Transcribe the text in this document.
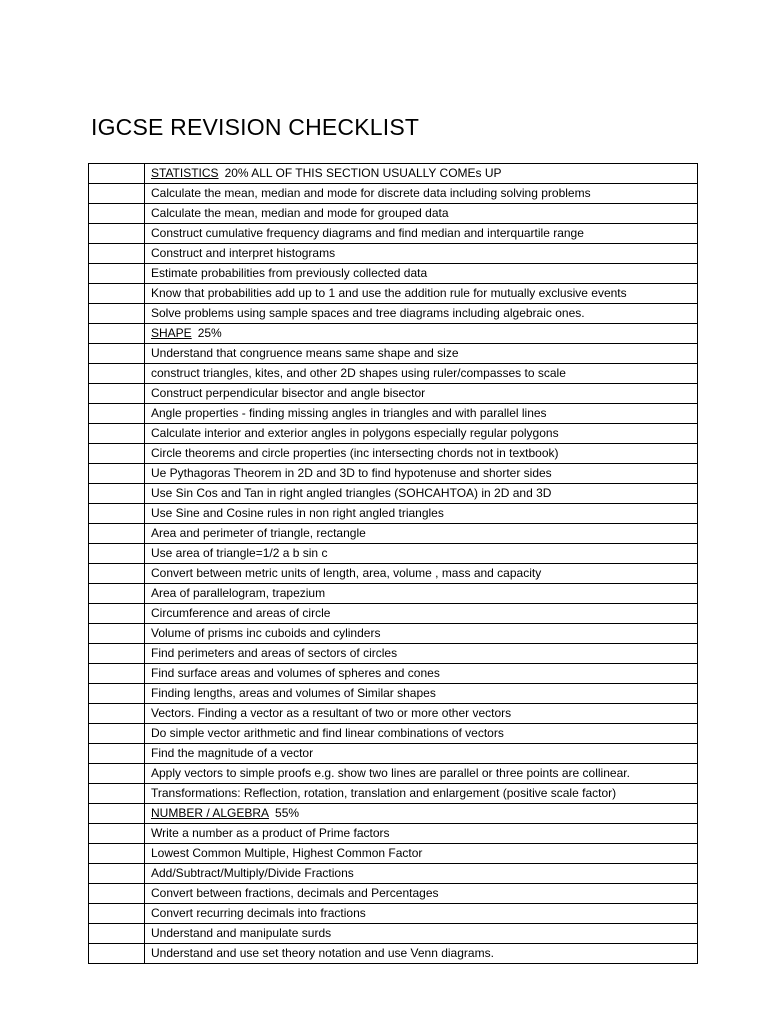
IGCSE REVISION CHECKLIST
	STATISTICS 20% ALL OF THIS SECTION USUALLY COMEs UP
	Calculate the mean, median and mode for discrete data including solving problems
	Calculate the mean, median and mode for grouped data
	Construct cumulative frequency diagrams and find median and interquartile range
	Construct and interpret histograms
	Estimate probabilities from previously collected data
	Know that probabilities add up to 1 and use the addition rule for mutually exclusive events
	Solve problems using sample spaces and tree diagrams including algebraic ones.
	SHAPE 25%
	Understand that congruence means same shape and size
	construct triangles, kites, and other 2D shapes using ruler/compasses to scale
	Construct perpendicular bisector and angle bisector
	Angle properties - finding missing angles in triangles and with parallel lines
	Calculate interior and exterior angles in polygons especially regular polygons
	Circle theorems and circle properties (inc intersecting chords not in textbook)
	Ue Pythagoras Theorem in 2D and 3D to find hypotenuse and shorter sides
	Use Sin Cos and Tan in right angled triangles (SOHCAHTOA) in 2D and 3D
	Use Sine and Cosine rules in non right angled triangles
	Area and perimeter of triangle, rectangle
	Use area of triangle=1/2 a b sin c
	Convert between metric units of length, area, volume , mass and capacity
	Area of parallelogram, trapezium
	Circumference and areas of circle
	Volume of prisms inc cuboids and cylinders
	Find perimeters and areas of sectors of circles
	Find surface areas and volumes of spheres and cones
	Finding lengths, areas and volumes of Similar shapes
	Vectors. Finding a vector as a resultant of two or more other vectors
	Do simple vector arithmetic and find linear combinations of vectors
	Find the magnitude of a vector
	Apply vectors to simple proofs e.g. show two lines are parallel or three points are collinear.
	Transformations: Reflection, rotation, translation and enlargement (positive scale factor)
	NUMBER / ALGEBRA 55%
	Write a number as a product of Prime factors
	Lowest Common Multiple, Highest Common Factor
	Add/Subtract/Multiply/Divide Fractions
	Convert between fractions, decimals and Percentages
	Convert recurring decimals into fractions
	Understand and manipulate surds
	Understand and use set theory notation and use Venn diagrams.
